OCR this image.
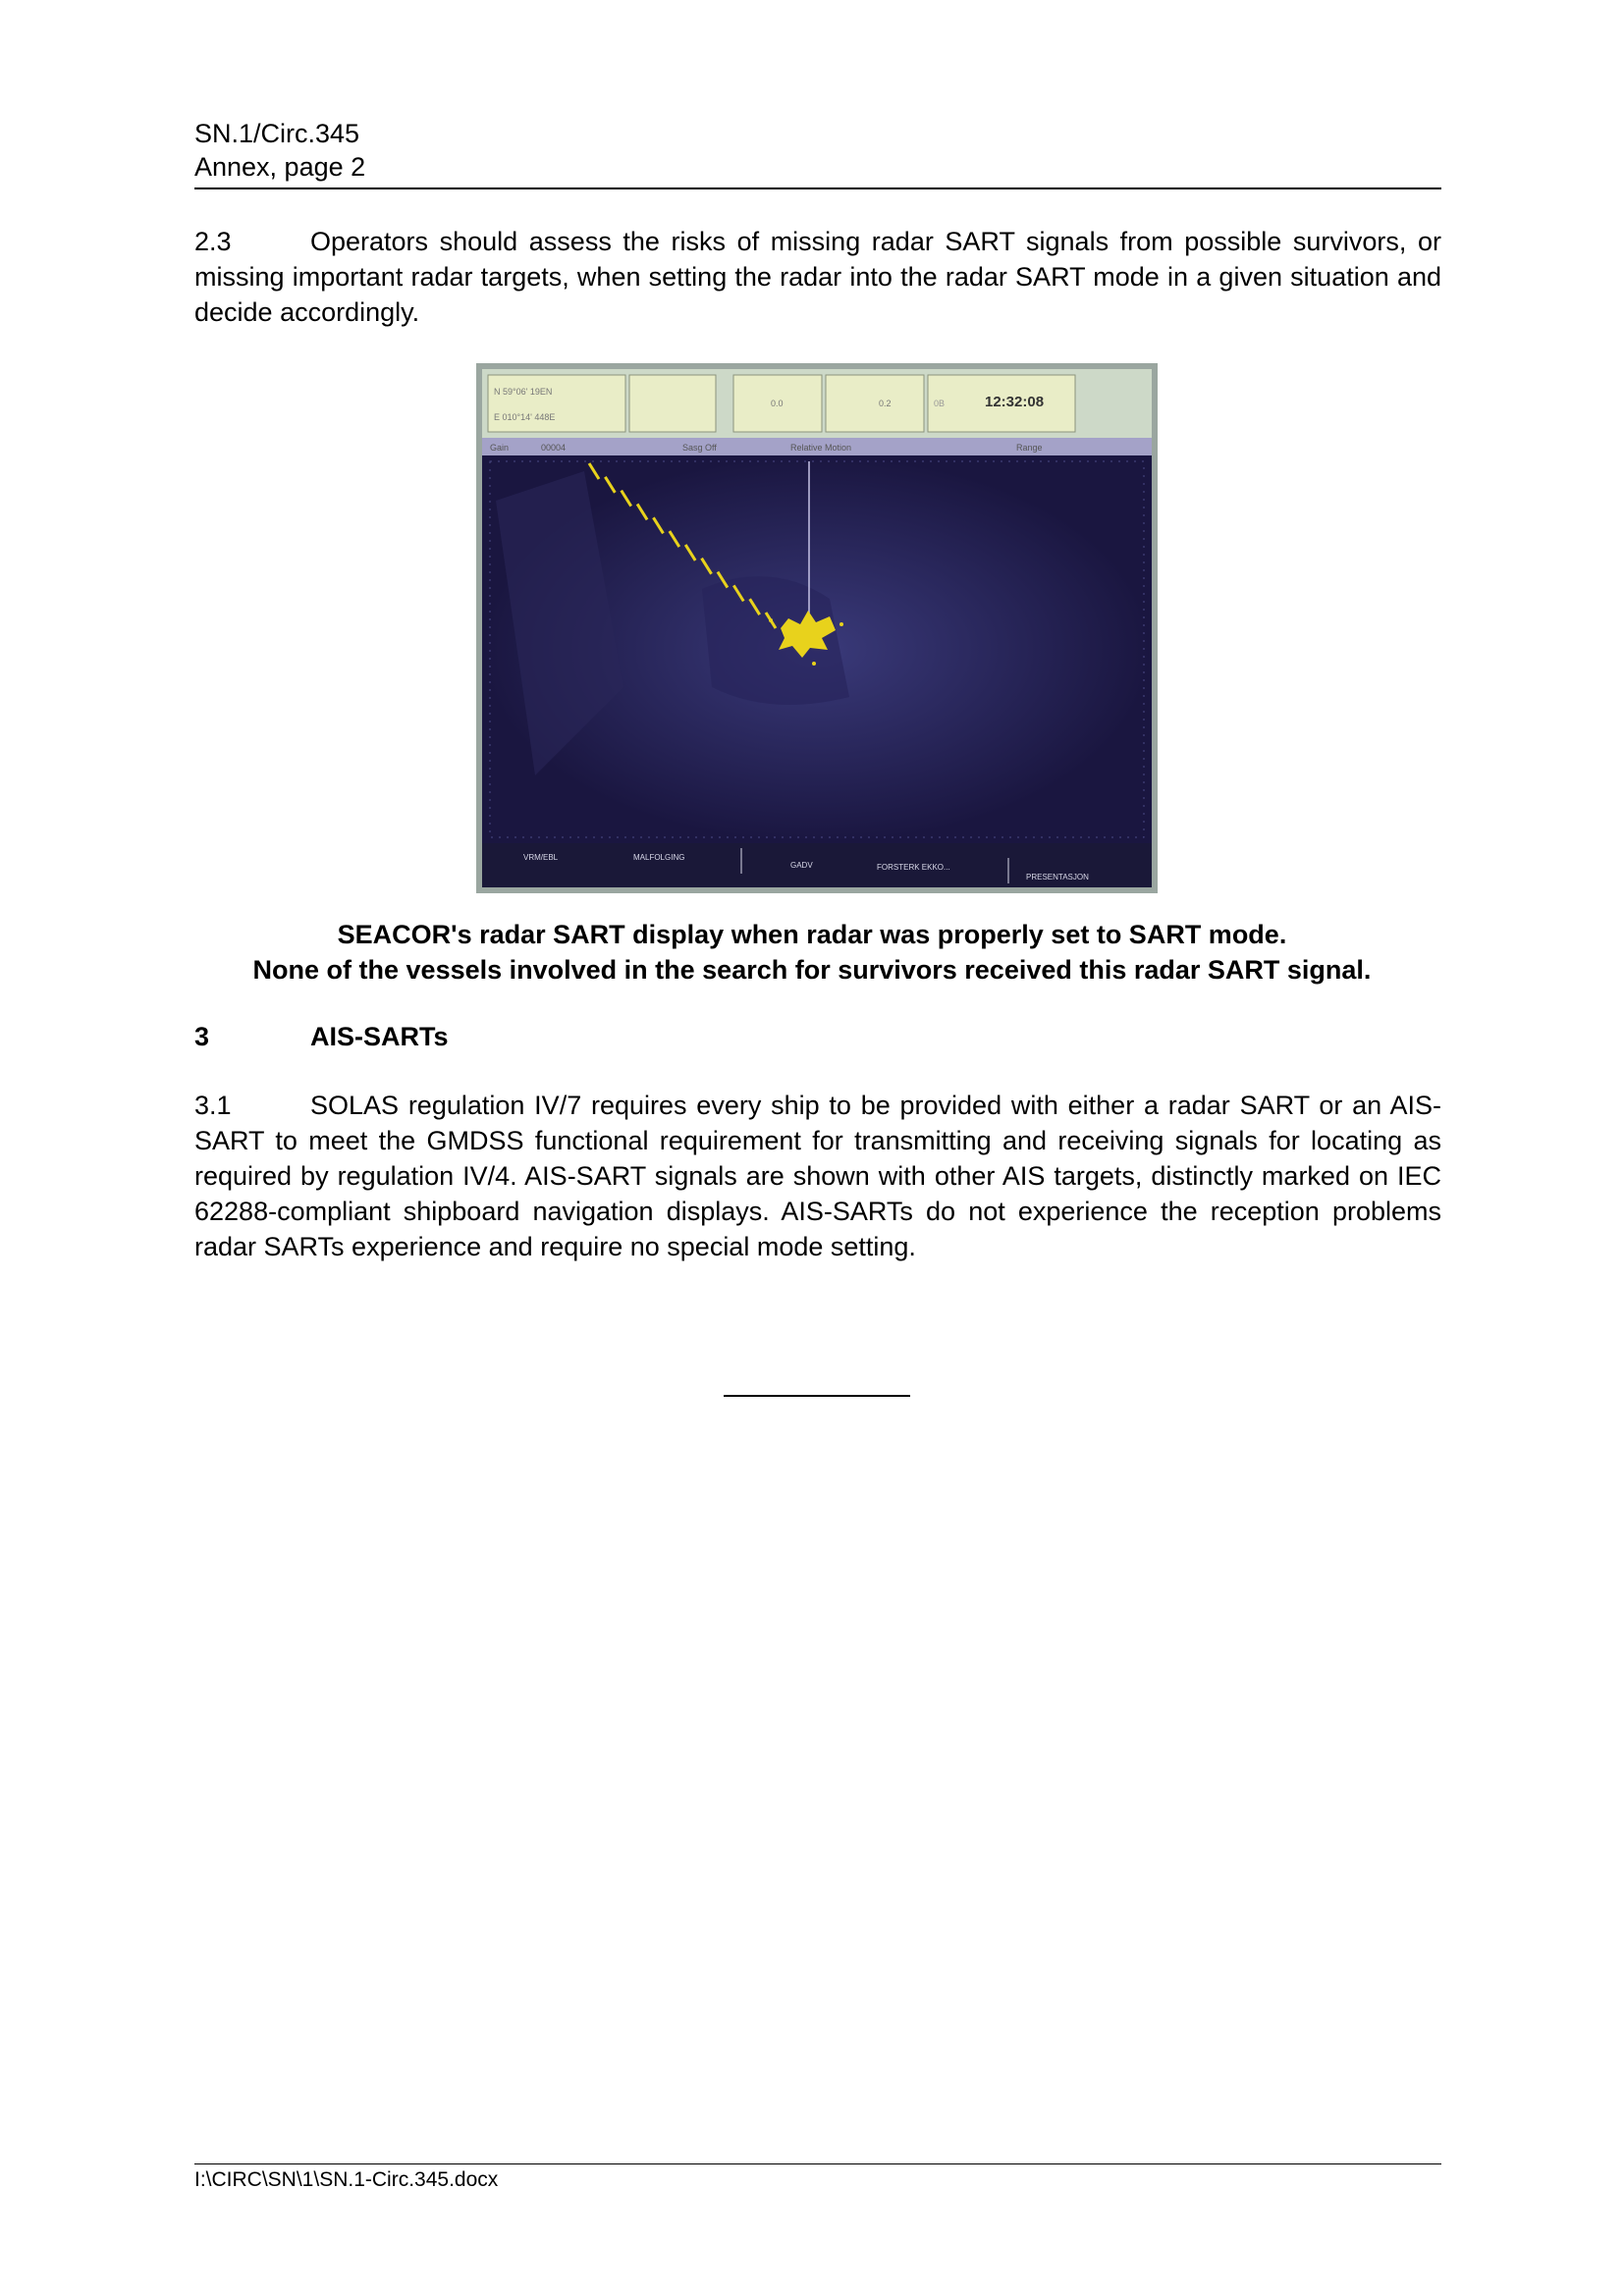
SN.1/Circ.345
Annex, page 2
2.3	Operators should assess the risks of missing radar SART signals from possible survivors, or missing important radar targets, when setting the radar into the radar SART mode in a given situation and decide accordingly.
N 59°06' 19EN
E 010°14' 448E
0.0	0.2	0B	12:32:08
Gain	00004	Sasg Off	Relative Motion	Range
VRM/EBL	MALFOLGING
GADV	FORSTERK EKKO...
PRESENTASJON
SEACOR's radar SART display when radar was properly set to SART mode.
None of the vessels involved in the search for survivors received this radar SART signal.
3	AIS-SARTs
3.1	SOLAS regulation IV/7 requires every ship to be provided with either a radar SART or an AIS-SART to meet the GMDSS functional requirement for transmitting and receiving signals for locating as required by regulation IV/4. AIS-SART signals are shown with other AIS targets, distinctly marked on IEC 62288-compliant shipboard navigation displays. AIS-SARTs do not experience the reception problems radar SARTs experience and require no special mode setting.
I:\CIRC\SN\1\SN.1-Circ.345.docx
